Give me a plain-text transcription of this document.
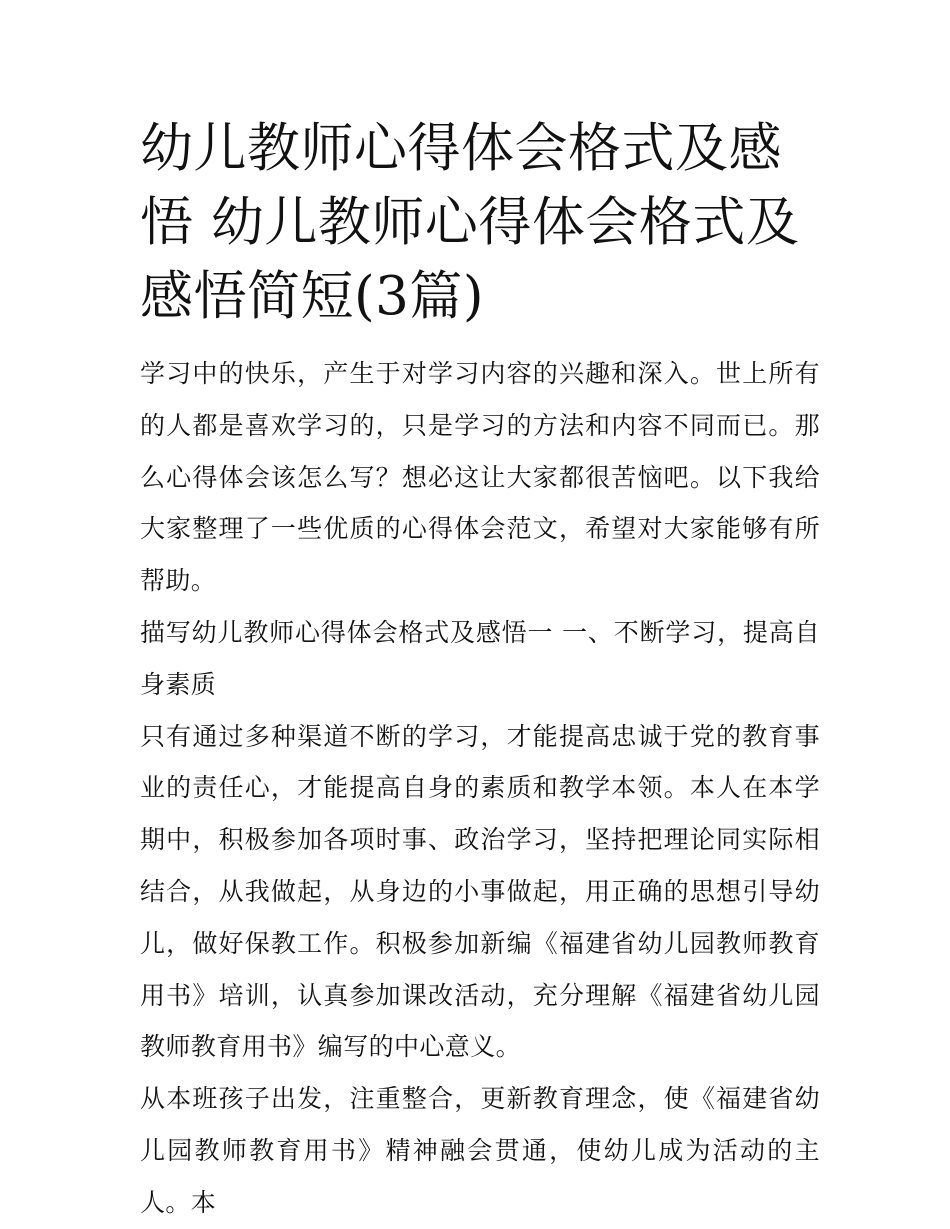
幼儿教师心得体会格式及感悟 幼儿教师心得体会格式及感悟简短(3篇)

学习中的快乐，产生于对学习内容的兴趣和深入。世上所有的人都是喜欢学习的，只是学习的方法和内容不同而已。那么心得体会该怎么写？想必这让大家都很苦恼吧。以下我给大家整理了一些优质的心得体会范文，希望对大家能够有所帮助。

描写幼儿教师心得体会格式及感悟一 一、不断学习，提高自身素质

只有通过多种渠道不断的学习，才能提高忠诚于党的教育事业的责任心，才能提高自身的素质和教学本领。本人在本学期中，积极参加各项时事、政治学习，坚持把理论同实际相结合，从我做起，从身边的小事做起，用正确的思想引导幼儿，做好保教工作。积极参加新编《福建省幼儿园教师教育用书》培训，认真参加课改活动，充分理解《福建省幼儿园教师教育用书》编写的中心意义。

从本班孩子出发，注重整合，更新教育理念，使《福建省幼儿园教师教育用书》精神融会贯通，使幼儿成为活动的主人。本
